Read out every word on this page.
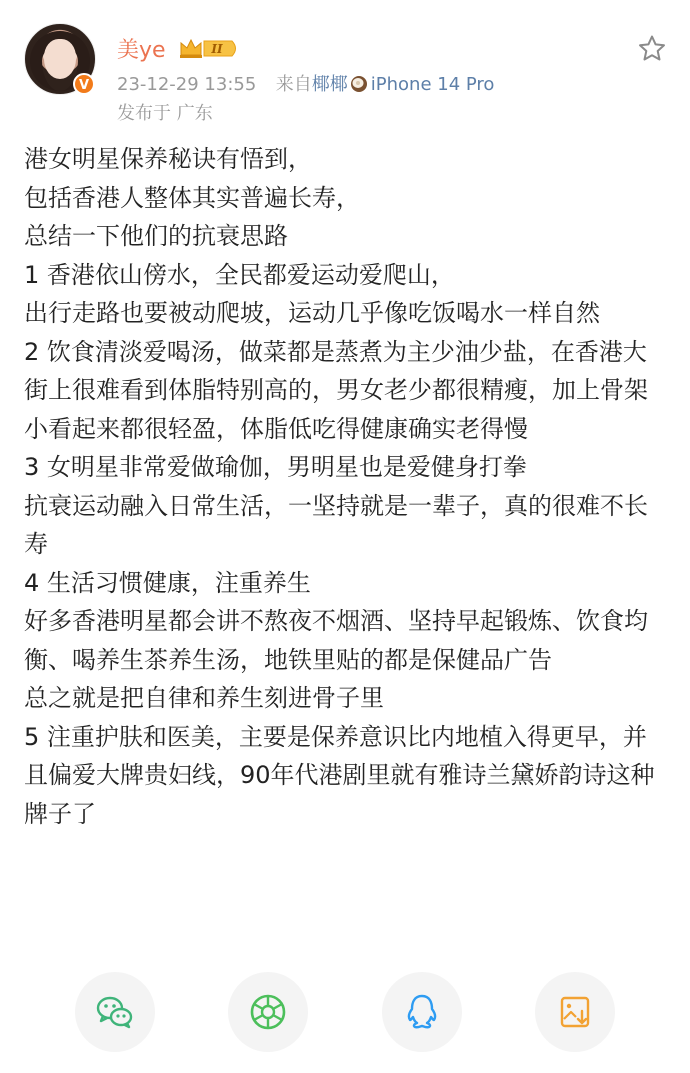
V
美ye	II
23-12-29 13:55 来自椰椰 iPhone 14 Pro
发布于 广东

港女明星保养秘诀有悟到，

包括香港人整体其实普遍长寿，

总结一下他们的抗衰思路

1 香港依山傍水，全民都爱运动爱爬山，

出行走路也要被动爬坡，运动几乎像吃饭喝水一样自然

2 饮食清淡爱喝汤，做菜都是蒸煮为主少油少盐，在香港大街上很难看到体脂特别高的，男女老少都很精瘦，加上骨架小看起来都很轻盈，体脂低吃得健康确实老得慢

3 女明星非常爱做瑜伽，男明星也是爱健身打拳

抗衰运动融入日常生活，一坚持就是一辈子，真的很难不长寿

4 生活习惯健康，注重养生

好多香港明星都会讲不熬夜不烟酒、坚持早起锻炼、饮食均衡、喝养生茶养生汤，地铁里贴的都是保健品广告

总之就是把自律和养生刻进骨子里

5 注重护肤和医美，主要是保养意识比内地植入得更早，并且偏爱大牌贵妇线，90年代港剧里就有雅诗兰黛娇韵诗这种牌子了
